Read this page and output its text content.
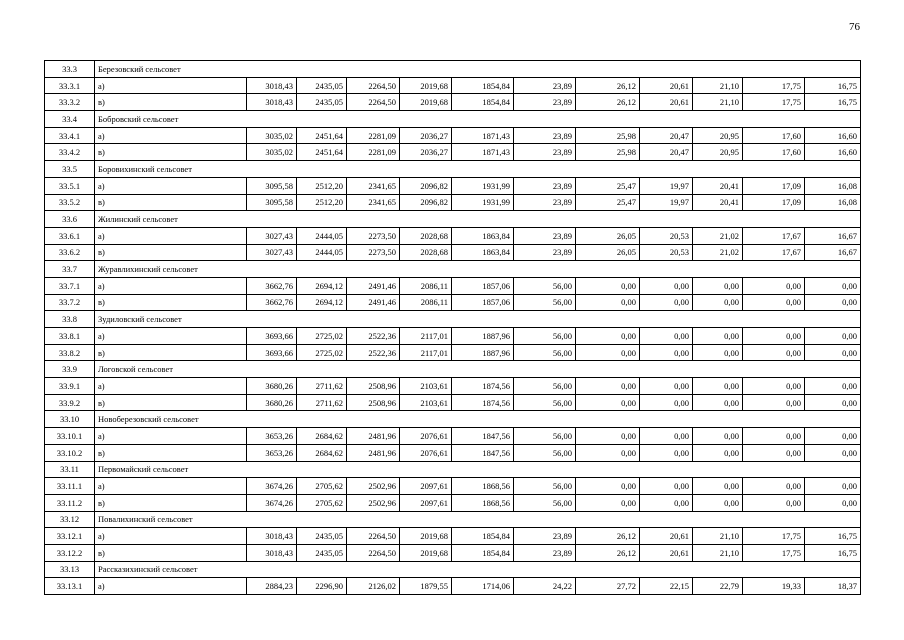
76
33.3	Березовский сельсовет											
33.3.1	а)	3018,43	2435,05	2264,50	2019,68	1854,84	23,89	26,12	20,61	21,10	17,75	16,75
33.3.2	в)	3018,43	2435,05	2264,50	2019,68	1854,84	23,89	26,12	20,61	21,10	17,75	16,75
33.4	Бобровский сельсовет											
33.4.1	а)	3035,02	2451,64	2281,09	2036,27	1871,43	23,89	25,98	20,47	20,95	17,60	16,60
33.4.2	в)	3035,02	2451,64	2281,09	2036,27	1871,43	23,89	25,98	20,47	20,95	17,60	16,60
33.5	Боровихинский сельсовет											
33.5.1	а)	3095,58	2512,20	2341,65	2096,82	1931,99	23,89	25,47	19,97	20,41	17,09	16,08
33.5.2	в)	3095,58	2512,20	2341,65	2096,82	1931,99	23,89	25,47	19,97	20,41	17,09	16,08
33.6	Жилинский сельсовет											
33.6.1	а)	3027,43	2444,05	2273,50	2028,68	1863,84	23,89	26,05	20,53	21,02	17,67	16,67
33.6.2	в)	3027,43	2444,05	2273,50	2028,68	1863,84	23,89	26,05	20,53	21,02	17,67	16,67
33.7	Журавлихинский сельсовет											
33.7.1	а)	3662,76	2694,12	2491,46	2086,11	1857,06	56,00	0,00	0,00	0,00	0,00	0,00
33.7.2	в)	3662,76	2694,12	2491,46	2086,11	1857,06	56,00	0,00	0,00	0,00	0,00	0,00
33.8	Зудиловский сельсовет											
33.8.1	а)	3693,66	2725,02	2522,36	2117,01	1887,96	56,00	0,00	0,00	0,00	0,00	0,00
33.8.2	в)	3693,66	2725,02	2522,36	2117,01	1887,96	56,00	0,00	0,00	0,00	0,00	0,00
33.9	Логовской сельсовет											
33.9.1	а)	3680,26	2711,62	2508,96	2103,61	1874,56	56,00	0,00	0,00	0,00	0,00	0,00
33.9.2	в)	3680,26	2711,62	2508,96	2103,61	1874,56	56,00	0,00	0,00	0,00	0,00	0,00
33.10	Новоберезовский сельсовет											
33.10.1	а)	3653,26	2684,62	2481,96	2076,61	1847,56	56,00	0,00	0,00	0,00	0,00	0,00
33.10.2	в)	3653,26	2684,62	2481,96	2076,61	1847,56	56,00	0,00	0,00	0,00	0,00	0,00
33.11	Первомайский сельсовет											
33.11.1	а)	3674,26	2705,62	2502,96	2097,61	1868,56	56,00	0,00	0,00	0,00	0,00	0,00
33.11.2	в)	3674,26	2705,62	2502,96	2097,61	1868,56	56,00	0,00	0,00	0,00	0,00	0,00
33.12	Повалихинский сельсовет											
33.12.1	а)	3018,43	2435,05	2264,50	2019,68	1854,84	23,89	26,12	20,61	21,10	17,75	16,75
33.12.2	в)	3018,43	2435,05	2264,50	2019,68	1854,84	23,89	26,12	20,61	21,10	17,75	16,75
33.13	Рассказихинский сельсовет											
33.13.1	а)	2884,23	2296,90	2126,02	1879,55	1714,06	24,22	27,72	22,15	22,79	19,33	18,37
